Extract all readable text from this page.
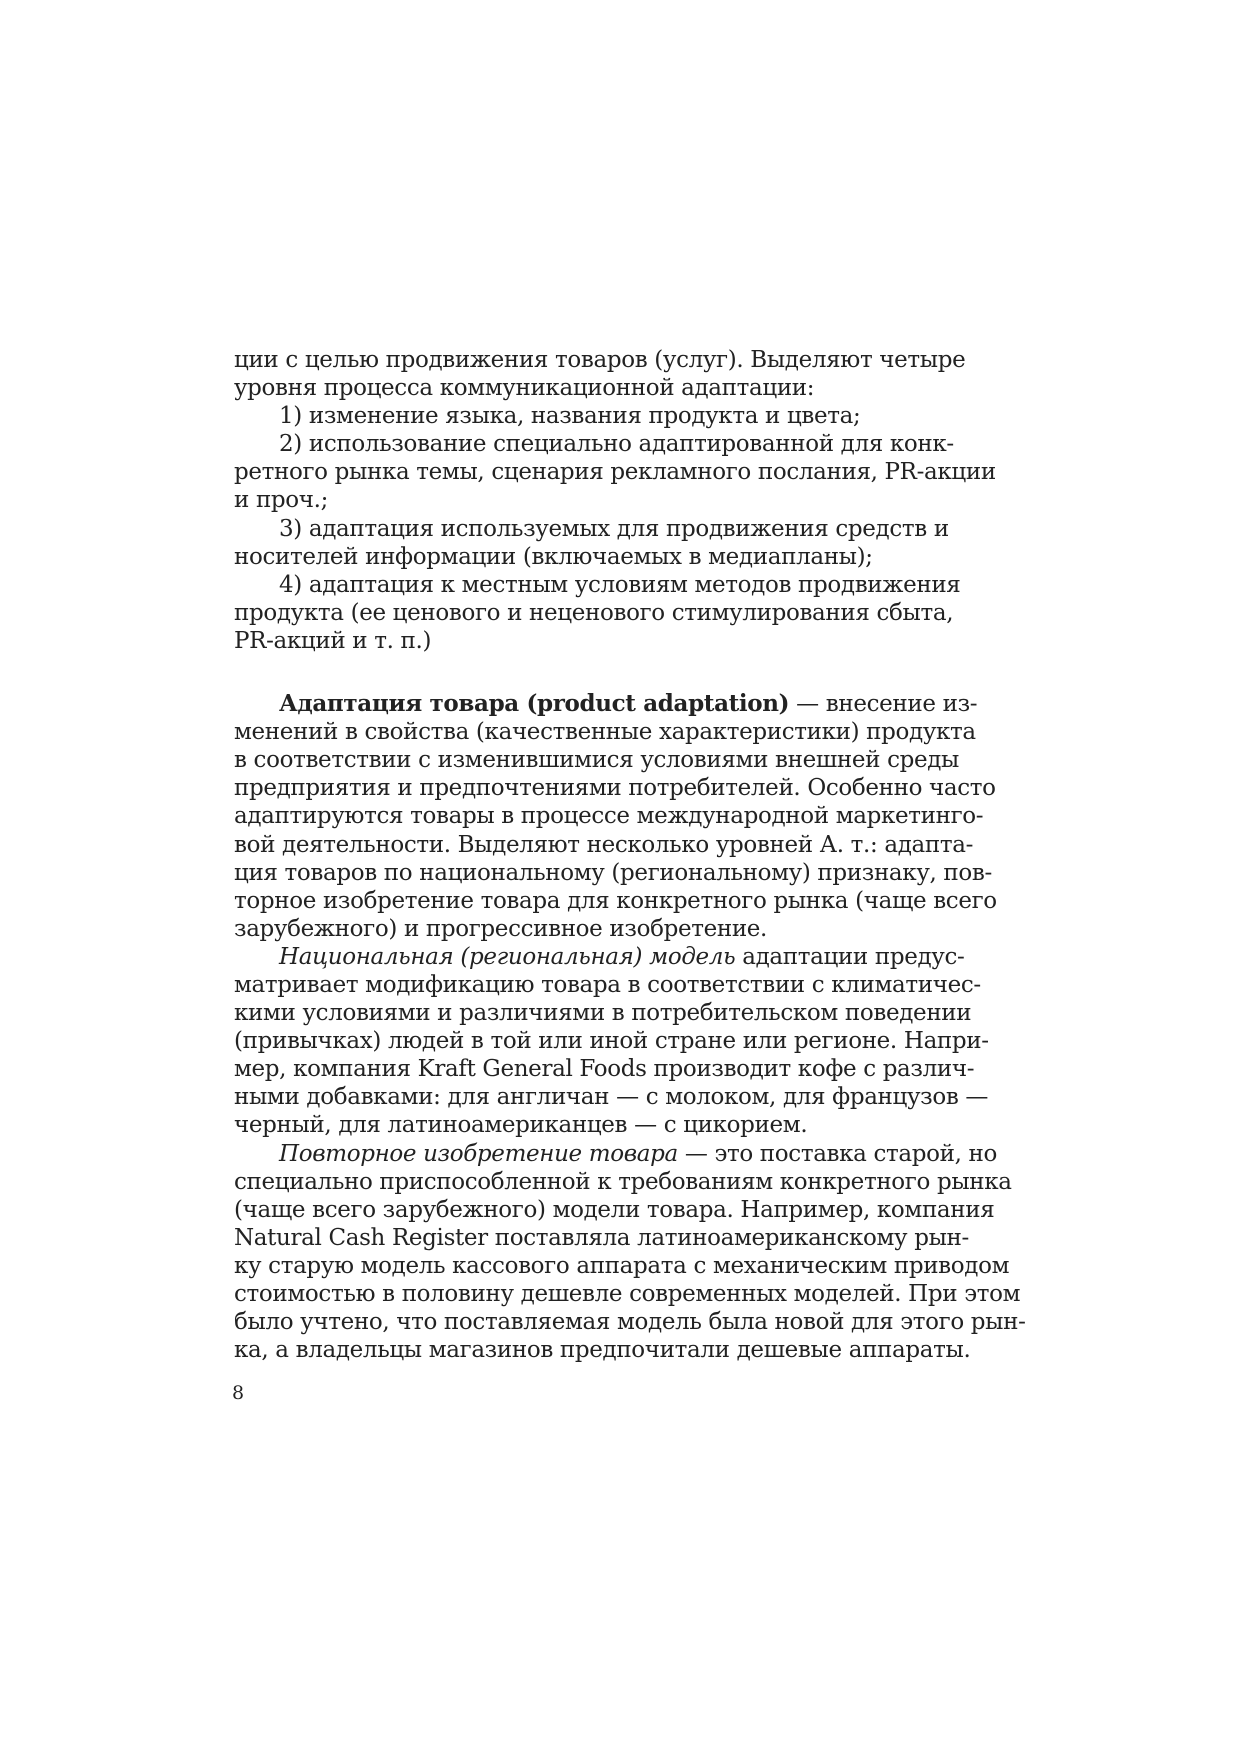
ции с целью продвижения товаров (услуг). Выделяют четыре
уровня процесса коммуникационной адаптации:
1) изменение языка, названия продукта и цвета;
2) использование специально адаптированной для конк-
ретного рынка темы, сценария рекламного послания, PR-акции
и проч.;
3) адаптация используемых для продвижения средств и
носителей информации (включаемых в медиапланы);
4) адаптация к местным условиям методов продвижения
продукта (ее ценового и неценового стимулирования сбыта,
PR-акций и т. п.)
Адаптация товара (product adaptation) — внесение из-
менений в свойства (качественные характеристики) продукта
в соответствии с изменившимися условиями внешней среды
предприятия и предпочтениями потребителей. Особенно часто
адаптируются товары в процессе международной маркетинго-
вой деятельности. Выделяют несколько уровней А. т.: адапта-
ция товаров по национальному (региональному) признаку, пов-
торное изобретение товара для конкретного рынка (чаще всего
зарубежного) и прогрессивное изобретение.
Национальная (региональная) модель адаптации предус-
матривает модификацию товара в соответствии с климатичес-
кими условиями и различиями в потребительском поведении
(привычках) людей в той или иной стране или регионе. Напри-
мер, компания Kraft General Foods производит кофе с различ-
ными добавками: для англичан — с молоком, для французов —
черный, для латиноамериканцев — с цикорием.
Повторное изобретение товара — это поставка старой, но
специально приспособленной к требованиям конкретного рынка
(чаще всего зарубежного) модели товара. Например, компания
Natural Cash Register поставляла латиноамериканскому рын-
ку старую модель кассового аппарата с механическим приводом
стоимостью в половину дешевле современных моделей. При этом
было учтено, что поставляемая модель была новой для этого рын-
ка, а владельцы магазинов предпочитали дешевые аппараты.
8
